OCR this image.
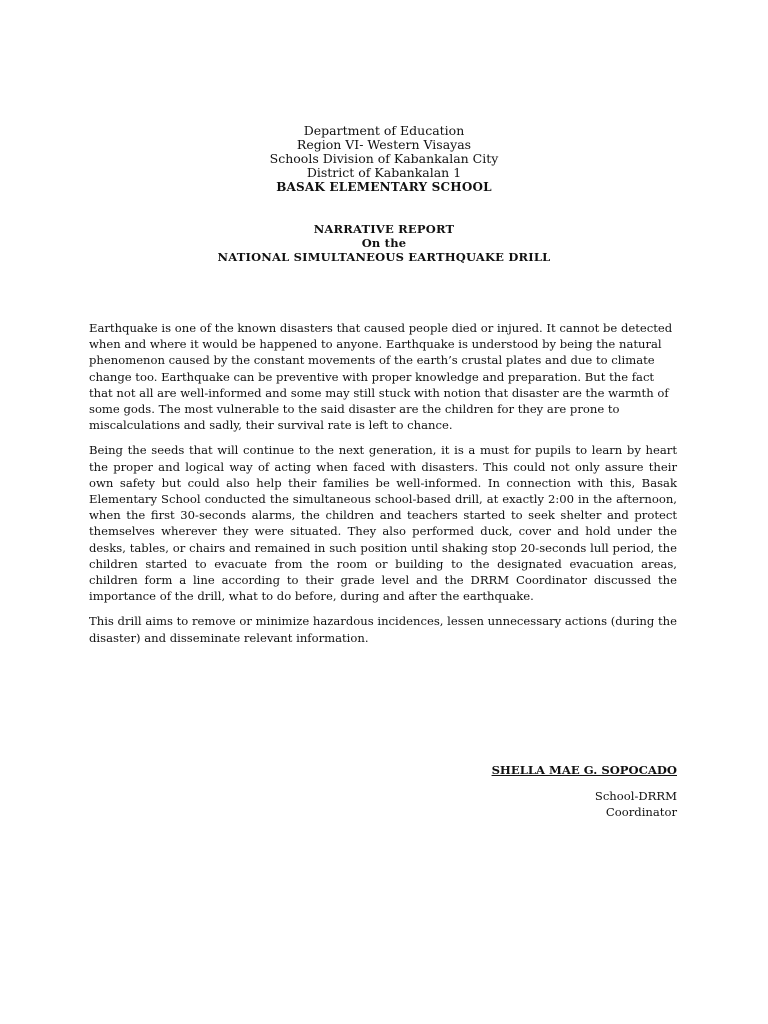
Department of Education
Region VI- Western Visayas
Schools Division of Kabankalan City
District of Kabankalan 1
BASAK ELEMENTARY SCHOOL
NARRATIVE REPORT
On the
NATIONAL SIMULTANEOUS EARTHQUAKE DRILL

Earthquake is one of the known disasters that caused people died or injured. It cannot be detected when and where it would be happened to anyone. Earthquake is understood by being the natural phenomenon caused by the constant movements of the earth’s crustal plates and due to climate change too. Earthquake can be preventive with proper knowledge and preparation. But the fact that not all are well-informed and some may still stuck with notion that disaster are the warmth of some gods. The most vulnerable to the said disaster are the children for they are prone to miscalculations and sadly, their survival rate is left to chance.

Being the seeds that will continue to the next generation, it is a must for pupils to learn by heart the proper and logical way of acting when faced with disasters. This could not only assure their own safety but could also help their families be well-informed. In connection with this, Basak Elementary School conducted the simultaneous school-based drill, at exactly 2:00 in the afternoon, when the first 30-seconds alarms, the children and teachers started to seek shelter and protect themselves wherever they were situated. They also performed duck, cover and hold under the desks, tables, or chairs and remained in such position until shaking stop 20-seconds lull period, the children started to evacuate from the room or building to the designated evacuation areas, children form a line according to their grade level and the DRRM Coordinator discussed the importance of the drill, what to do before, during and after the earthquake.

This drill aims to remove or minimize hazardous incidences, lessen unnecessary actions (during the disaster) and disseminate relevant information.

SHELLA MAE G. SOPOCADO
School-DRRM
Coordinator
